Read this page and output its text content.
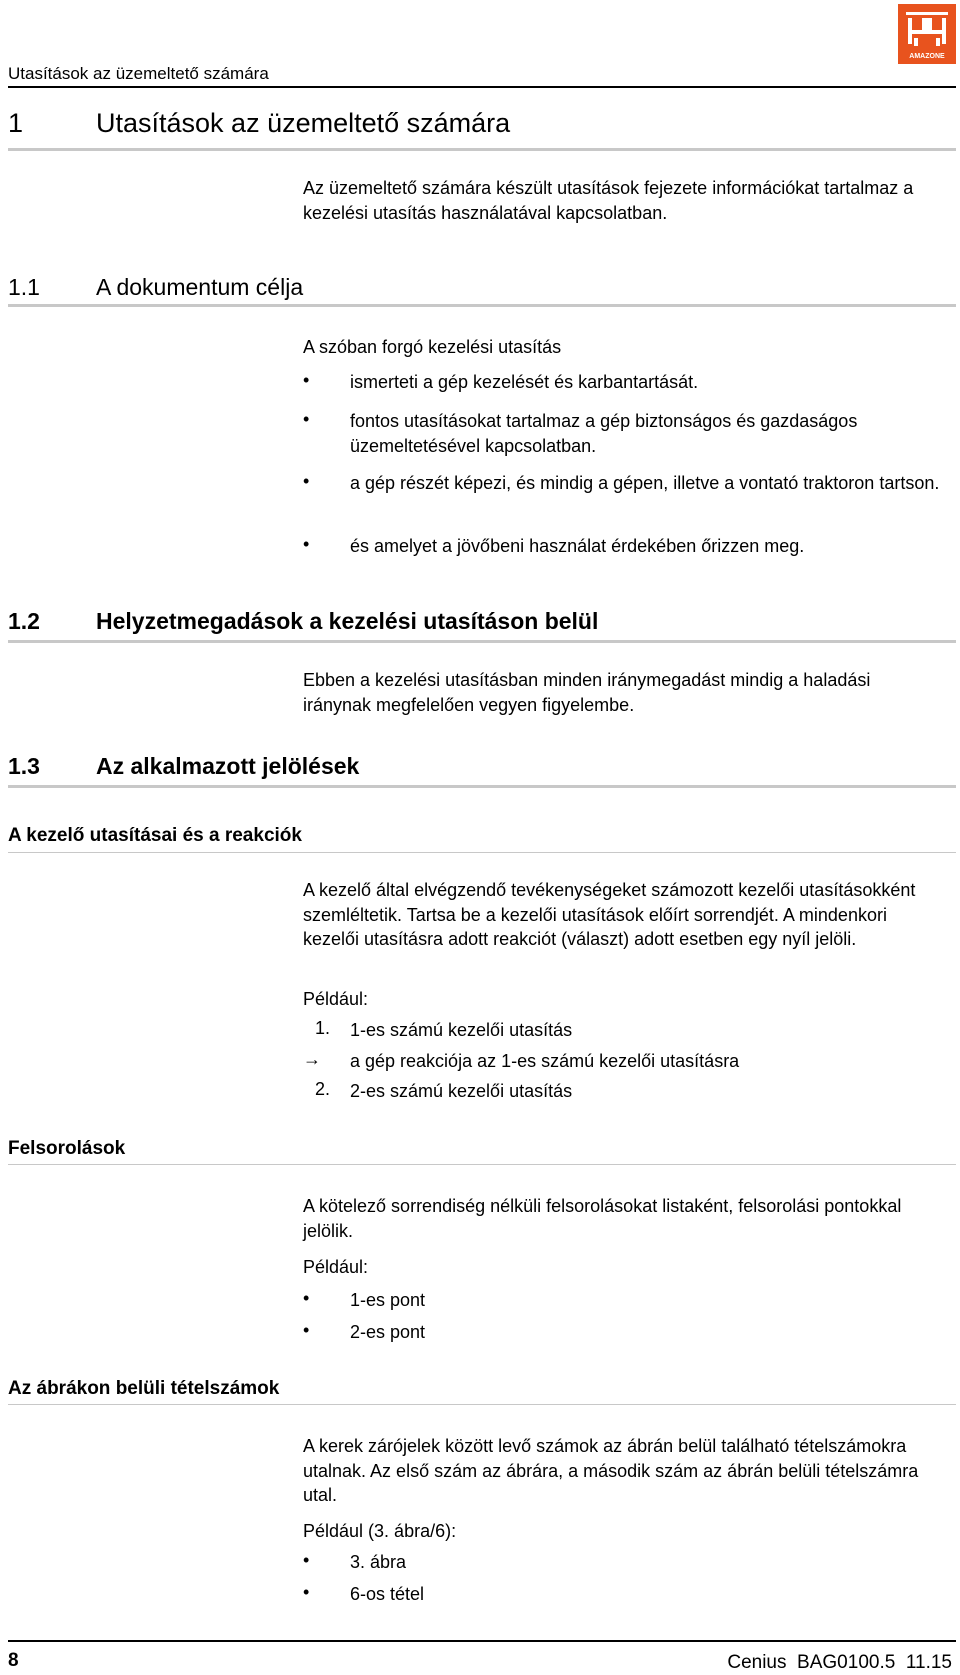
Utasítások az üzemeltető számára
AMAZONE
1	Utasítások az üzemeltető számára
Az üzemeltető számára készült utasítások fejezete információkat tartalmaz a kezelési utasítás használatával kapcsolatban.
1.1 A dokumentum célja
A szóban forgó kezelési utasítás
• ismerteti a gép kezelését és karbantartását.
• fontos utasításokat tartalmaz a gép biztonságos és gazdaságos üzemeltetésével kapcsolatban.
• a gép részét képezi, és mindig a gépen, illetve a vontató traktoron tartson.
• és amelyet a jövőbeni használat érdekében őrizzen meg.
1.2 Helyzetmegadások a kezelési utasításon belül
Ebben a kezelési utasításban minden iránymegadást mindig a haladási iránynak megfelelően vegyen figyelembe.
1.3 Az alkalmazott jelölések
A kezelő utasításai és a reakciók
A kezelő által elvégzendő tevékenységeket számozott kezelői utasításokként szemléltetik. Tartsa be a kezelői utasítások előírt sorrendjét. A mindenkori kezelői utasításra adott reakciót (választ) adott esetben egy nyíl jelöli.
Például:
1. 1-es számú kezelői utasítás
→ a gép reakciója az 1-es számú kezelői utasításra
2. 2-es számú kezelői utasítás
Felsorolások
A kötelező sorrendiség nélküli felsorolásokat listaként, felsorolási pontokkal jelölik.
Például:
• 1-es pont
• 2-es pont
Az ábrákon belüli tételszámok
A kerek zárójelek között levő számok az ábrán belül található tételszámokra utalnak. Az első szám az ábrára, a második szám az ábrán belüli tételszámra utal.
Például (3. ábra/6):
• 3. ábra
• 6-os tétel
8	Cenius  BAG0100.5  11.15
